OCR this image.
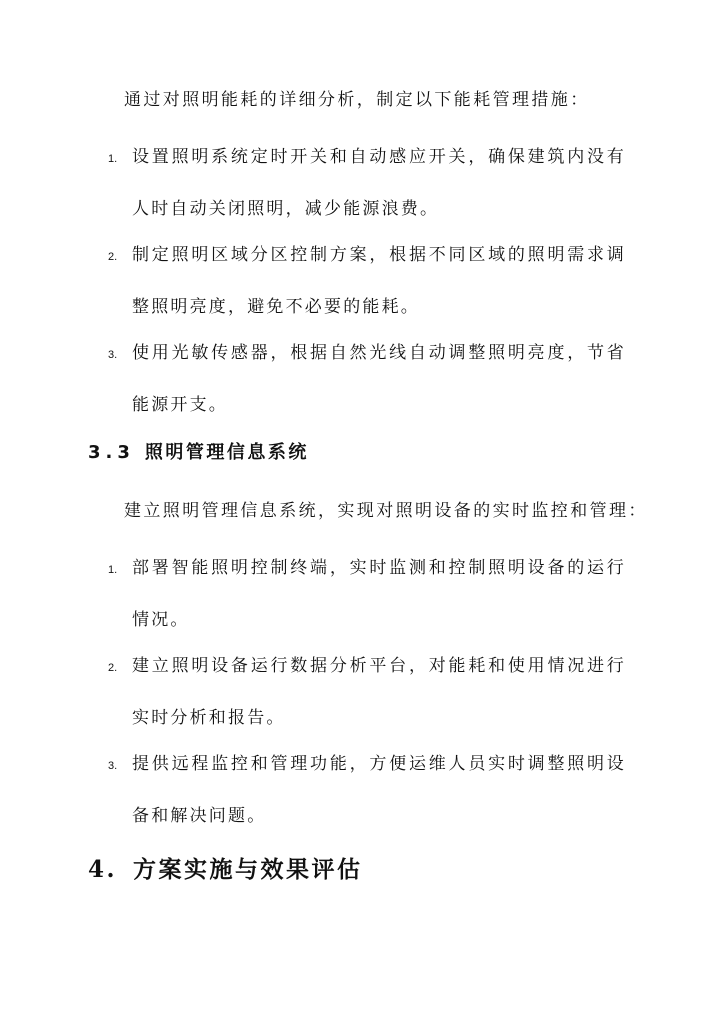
通过对照明能耗的详细分析，制定以下能耗管理措施：
1. 设置照明系统定时开关和自动感应开关，确保建筑内没有人时自动关闭照明，减少能源浪费。

2. 制定照明区域分区控制方案，根据不同区域的照明需求调整照明亮度，避免不必要的能耗。

3. 使用光敏传感器，根据自然光线自动调整照明亮度，节省能源开支。

3.3 照明管理信息系统
建立照明管理信息系统，实现对照明设备的实时监控和管理：
1. 部署智能照明控制终端，实时监测和控制照明设备的运行情况。

2. 建立照明设备运行数据分析平台，对能耗和使用情况进行实时分析和报告。

3. 提供远程监控和管理功能，方便运维人员实时调整照明设备和解决问题。

4. 方案实施与效果评估
